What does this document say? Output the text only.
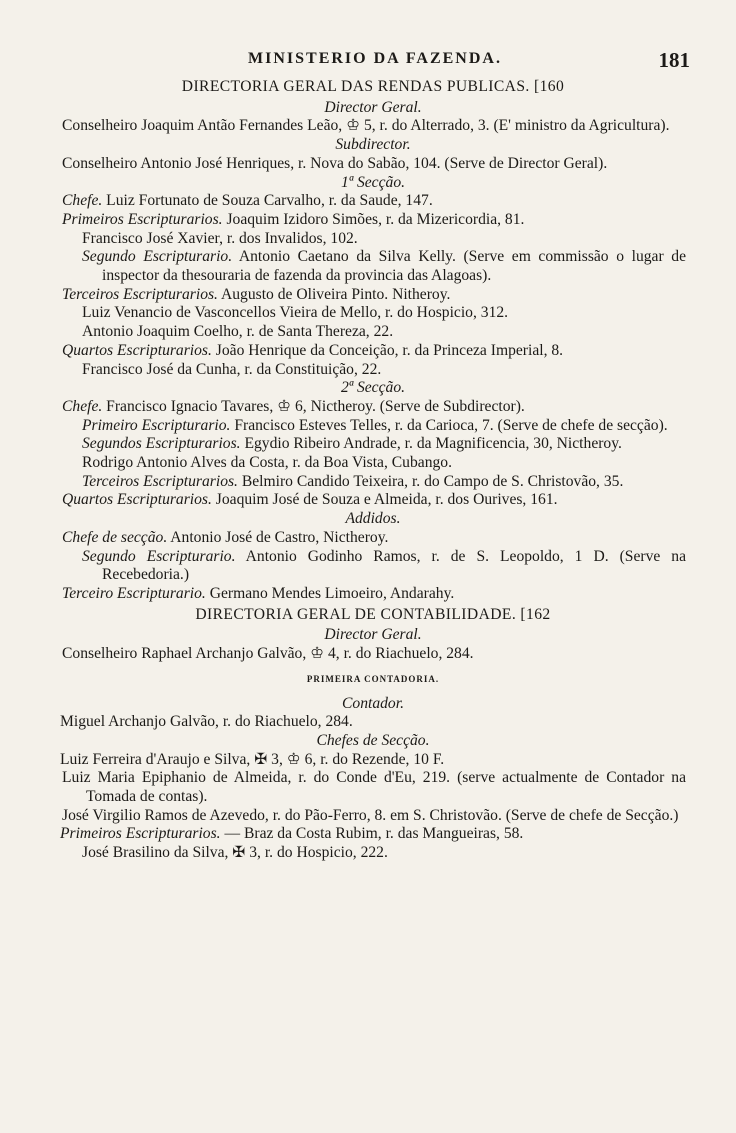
MINISTERIO DA FAZENDA.	181
DIRECTORIA GERAL DAS RENDAS PUBLICAS. [160
Director Geral.
Conselheiro Joaquim Antão Fernandes Leão, ♔ 5, r. do Alterrado, 3. (E' ministro da Agricultura).
Subdirector.
Conselheiro Antonio José Henriques, r. Nova do Sabão, 104. (Serve de Director Geral).
1ª Secção.
Chefe. Luiz Fortunato de Souza Carvalho, r. da Saude, 147.
Primeiros Escripturarios. Joaquim Izidoro Simões, r. da Mizericordia, 81.
Francisco José Xavier, r. dos Invalidos, 102.
Segundo Escripturario. Antonio Caetano da Silva Kelly. (Serve em commissão o lugar de inspector da thesouraria de fazenda da provincia das Alagoas).
Terceiros Escripturarios. Augusto de Oliveira Pinto. Nitheroy.
Luiz Venancio de Vasconcellos Vieira de Mello, r. do Hospicio, 312.
Antonio Joaquim Coelho, r. de Santa Thereza, 22.
Quartos Escripturarios. João Henrique da Conceição, r. da Princeza Imperial, 8.
Francisco José da Cunha, r. da Constituição, 22.
2ª Secção.
Chefe. Francisco Ignacio Tavares, ♔ 6, Nictheroy. (Serve de Subdirector).
Primeiro Escripturario. Francisco Esteves Telles, r. da Carioca, 7. (Serve de chefe de secção).
Segundos Escripturarios. Egydio Ribeiro Andrade, r. da Magnificencia, 30, Nictheroy.
Rodrigo Antonio Alves da Costa, r. da Boa Vista, Cubango.
Terceiros Escripturarios. Belmiro Candido Teixeira, r. do Campo de S. Christovão, 35.
Quartos Escripturarios. Joaquim José de Souza e Almeida, r. dos Ourives, 161.
Addidos.
Chefe de secção. Antonio José de Castro, Nictheroy.
Segundo Escripturario. Antonio Godinho Ramos, r. de S. Leopoldo, 1 D. (Serve na Recebedoria.)
Terceiro Escripturario. Germano Mendes Limoeiro, Andarahy.
DIRECTORIA GERAL DE CONTABILIDADE. [162
Director Geral.
Conselheiro Raphael Archanjo Galvão, ♔ 4, r. do Riachuelo, 284.
PRIMEIRA CONTADORIA.
Contador.
Miguel Archanjo Galvão, r. do Riachuelo, 284.
Chefes de Secção.
Luiz Ferreira d'Araujo e Silva, ✠ 3, ♔ 6, r. do Rezende, 10 F.
Luiz Maria Epiphanio de Almeida, r. do Conde d'Eu, 219. (serve actualmente de Contador na Tomada de contas).
José Virgilio Ramos de Azevedo, r. do Pão-Ferro, 8. em S. Christovão. (Serve de chefe de Secção.)
Primeiros Escripturarios. — Braz da Costa Rubim, r. das Mangueiras, 58.
José Brasilino da Silva, ✠ 3, r. do Hospicio, 222.
